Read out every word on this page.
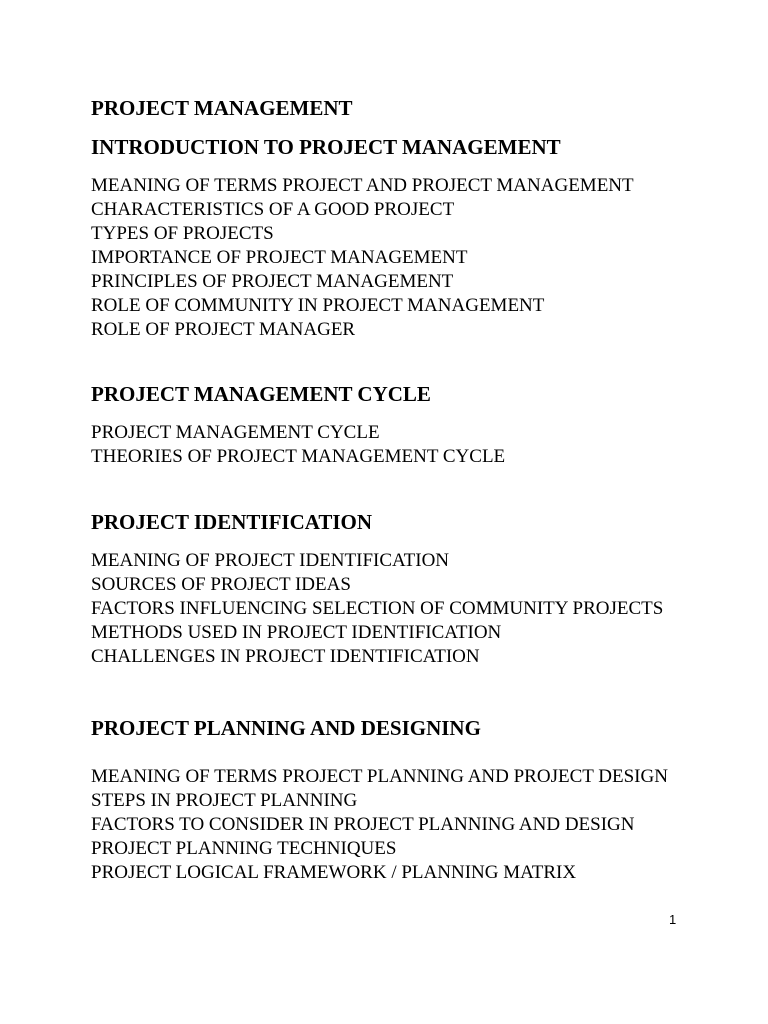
PROJECT MANAGEMENT
INTRODUCTION TO PROJECT MANAGEMENT
MEANING OF TERMS PROJECT AND PROJECT MANAGEMENT
CHARACTERISTICS OF A GOOD PROJECT
TYPES OF PROJECTS
IMPORTANCE OF PROJECT MANAGEMENT
PRINCIPLES OF PROJECT MANAGEMENT
ROLE OF COMMUNITY IN PROJECT MANAGEMENT
ROLE OF PROJECT MANAGER
PROJECT MANAGEMENT CYCLE
PROJECT MANAGEMENT CYCLE
THEORIES OF PROJECT MANAGEMENT CYCLE
PROJECT IDENTIFICATION
MEANING OF PROJECT IDENTIFICATION
SOURCES OF PROJECT IDEAS
FACTORS INFLUENCING SELECTION OF COMMUNITY PROJECTS
METHODS USED IN PROJECT IDENTIFICATION
CHALLENGES IN PROJECT IDENTIFICATION
PROJECT PLANNING AND DESIGNING
MEANING OF TERMS PROJECT PLANNING AND PROJECT DESIGN
STEPS IN PROJECT PLANNING
FACTORS TO CONSIDER IN PROJECT PLANNING AND DESIGN
PROJECT PLANNING TECHNIQUES
PROJECT LOGICAL FRAMEWORK / PLANNING MATRIX
1
